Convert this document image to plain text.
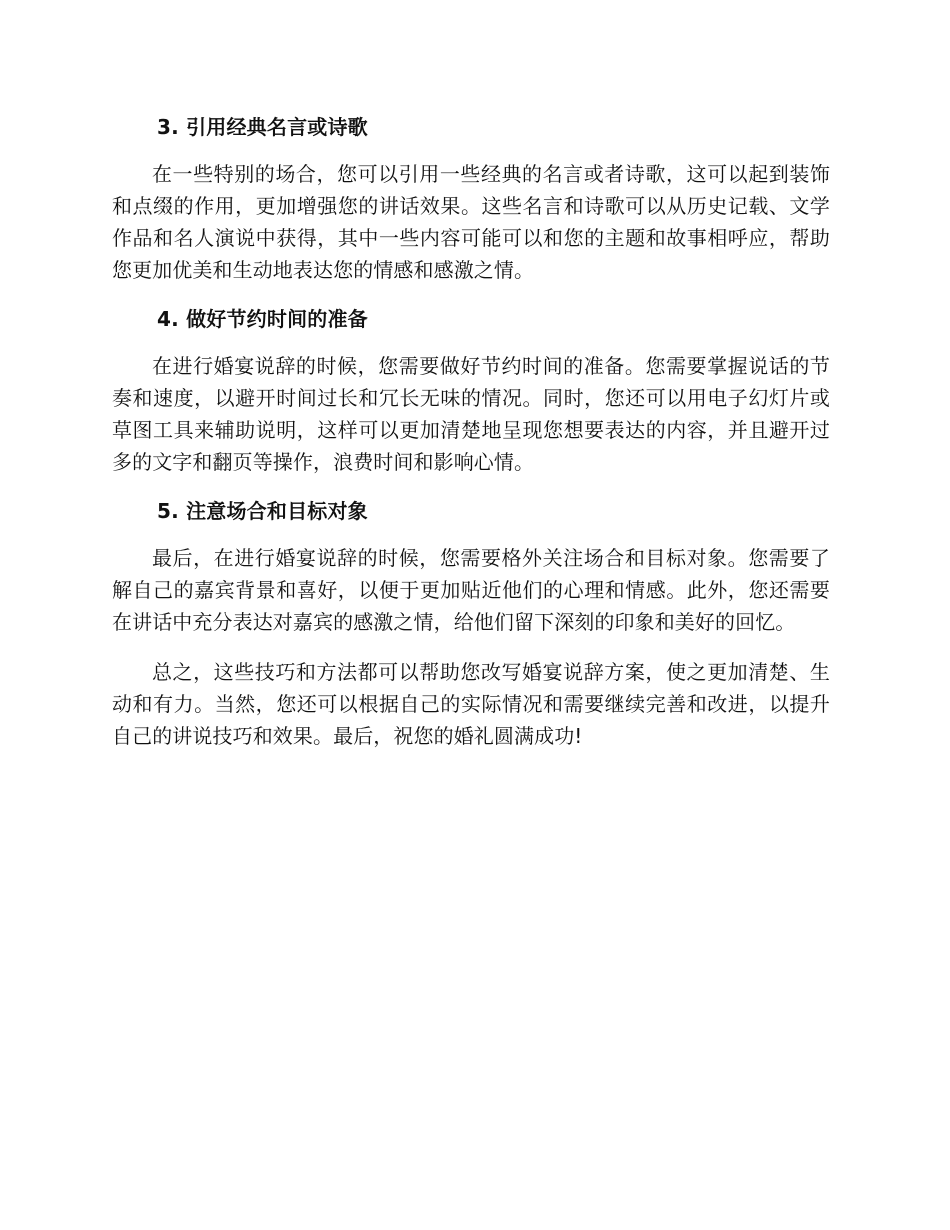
3. 引用经典名言或诗歌

在一些特别的场合，您可以引用一些经典的名言或者诗歌，这可以起到装饰和点缀的作用，更加增强您的讲话效果。这些名言和诗歌可以从历史记载、文学作品和名人演说中获得，其中一些内容可能可以和您的主题和故事相呼应，帮助您更加优美和生动地表达您的情感和感激之情。

4. 做好节约时间的准备

在进行婚宴说辞的时候，您需要做好节约时间的准备。您需要掌握说话的节奏和速度，以避开时间过长和冗长无味的情况。同时，您还可以用电子幻灯片或草图工具来辅助说明，这样可以更加清楚地呈现您想要表达的内容，并且避开过多的文字和翻页等操作，浪费时间和影响心情。

5. 注意场合和目标对象

最后，在进行婚宴说辞的时候，您需要格外关注场合和目标对象。您需要了解自己的嘉宾背景和喜好，以便于更加贴近他们的心理和情感。此外，您还需要在讲话中充分表达对嘉宾的感激之情，给他们留下深刻的印象和美好的回忆。

总之，这些技巧和方法都可以帮助您改写婚宴说辞方案，使之更加清楚、生动和有力。当然，您还可以根据自己的实际情况和需要继续完善和改进，以提升自己的讲说技巧和效果。最后，祝您的婚礼圆满成功!
